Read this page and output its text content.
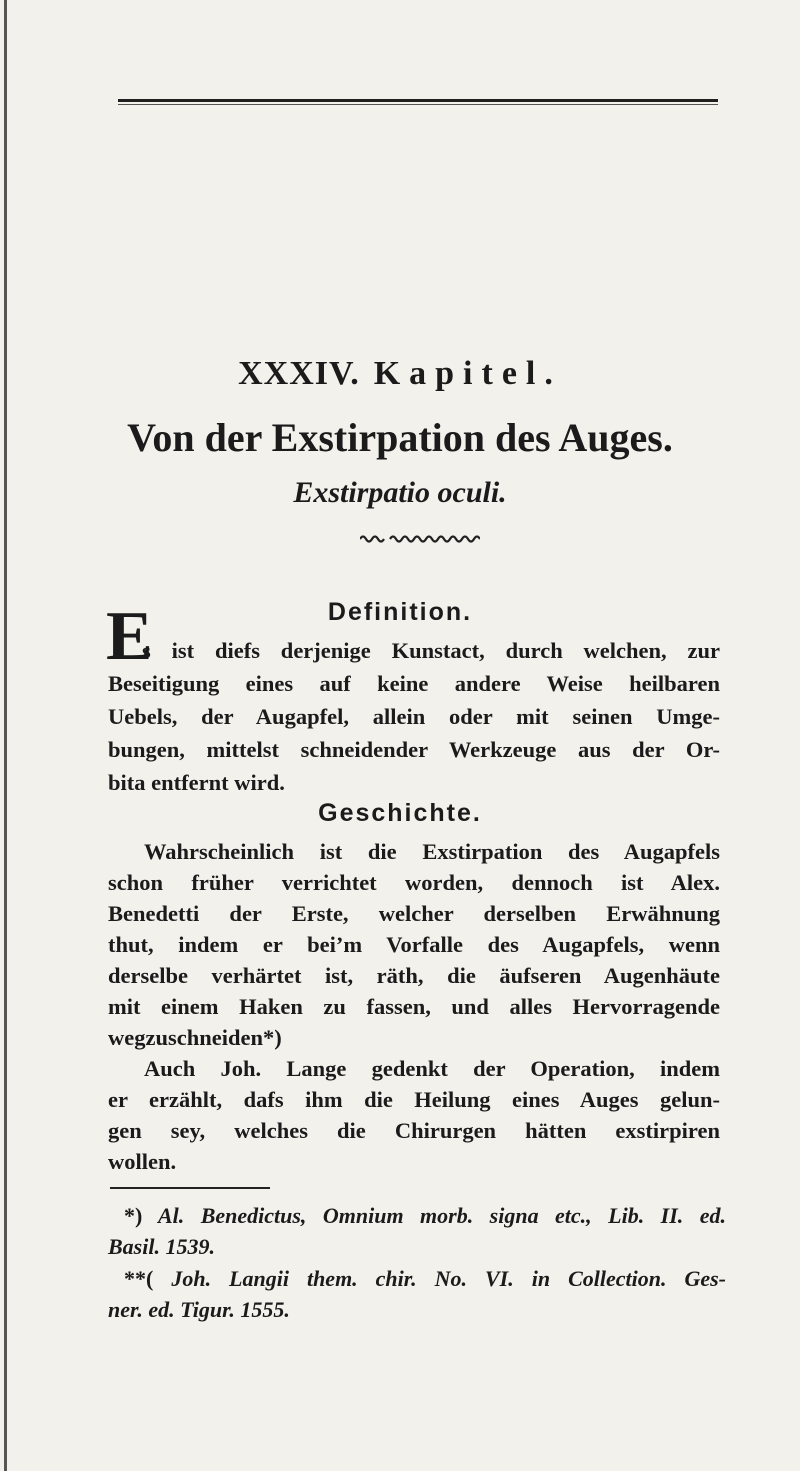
XXXIV. Kapitel.
Von der Exstirpation des Auges.
Exstirpatio oculi.
Definition.
E
s ist diefs derjenige Kunstact, durch welchen, zur
Beseitigung eines auf keine andere Weise heilbaren
Uebels, der Augapfel, allein oder mit seinen Umge-
bungen, mittelst schneidender Werkzeuge aus der Or-
bita entfernt wird.
Geschichte.
Wahrscheinlich ist die Exstirpation des Augapfels
schon früher verrichtet worden, dennoch ist Alex.
Benedetti der Erste, welcher derselben Erwähnung
thut, indem er bei’m Vorfalle des Augapfels, wenn
derselbe verhärtet ist, räth, die äufseren Augenhäute
mit einem Haken zu fassen, und alles Hervorragende
wegzuschneiden*)
Auch Joh. Lange gedenkt der Operation, indem
er erzählt, dafs ihm die Heilung eines Auges gelun-
gen sey, welches die Chirurgen hätten exstirpiren
wollen.
*) Al. Benedictus, Omnium morb. signa etc., Lib. II. ed.
Basil. 1539.
**( Joh. Langii them. chir. No. VI. in Collection. Ges-
ner. ed. Tigur. 1555.
